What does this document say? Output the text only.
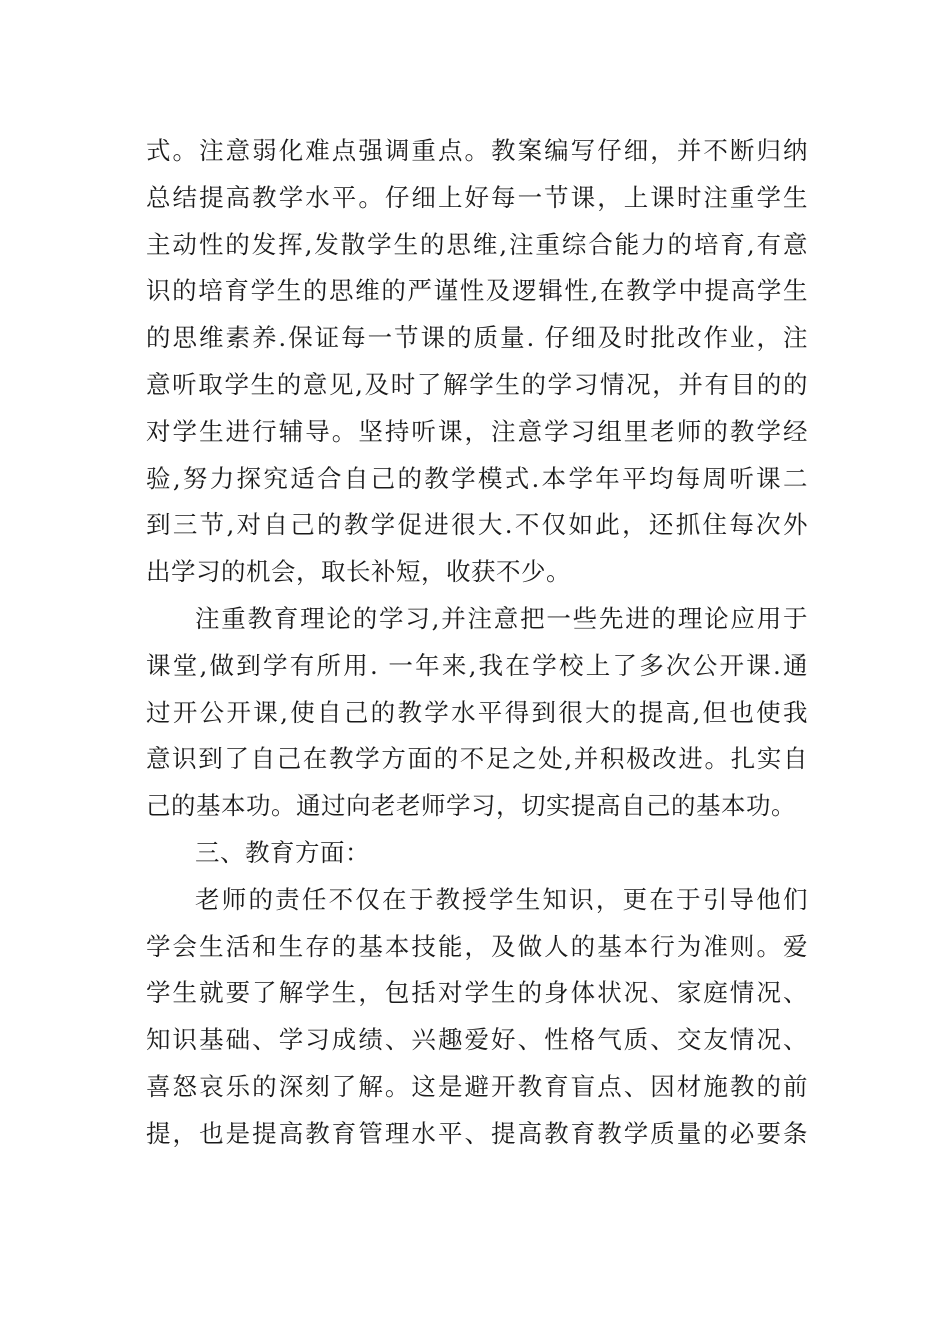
式。注意弱化难点强调重点。教案编写仔细，并不断归纳
总结提高教学水平。仔细上好每一节课，上课时注重学生
主动性的发挥,发散学生的思维,注重综合能力的培育,有意
识的培育学生的思维的严谨性及逻辑性,在教学中提高学生
的思维素养.保证每一节课的质量. 仔细及时批改作业，注
意听取学生的意见,及时了解学生的学习情况，并有目的的
对学生进行辅导。坚持听课，注意学习组里老师的教学经
验,努力探究适合自己的教学模式.本学年平均每周听课二
到三节,对自己的教学促进很大.不仅如此，还抓住每次外
出学习的机会，取长补短，收获不少。
注重教育理论的学习,并注意把一些先进的理论应用于
课堂,做到学有所用. 一年来,我在学校上了多次公开课.通
过开公开课,使自己的教学水平得到很大的提高,但也使我
意识到了自己在教学方面的不足之处,并积极改进。扎实自
己的基本功。通过向老老师学习，切实提高自己的基本功。
三、教育方面：
老师的责任不仅在于教授学生知识，更在于引导他们
学会生活和生存的基本技能，及做人的基本行为准则。爱
学生就要了解学生，包括对学生的身体状况、家庭情况、
知识基础、学习成绩、兴趣爱好、性格气质、交友情况、
喜怒哀乐的深刻了解。这是避开教育盲点、因材施教的前
提，也是提高教育管理水平、提高教育教学质量的必要条
